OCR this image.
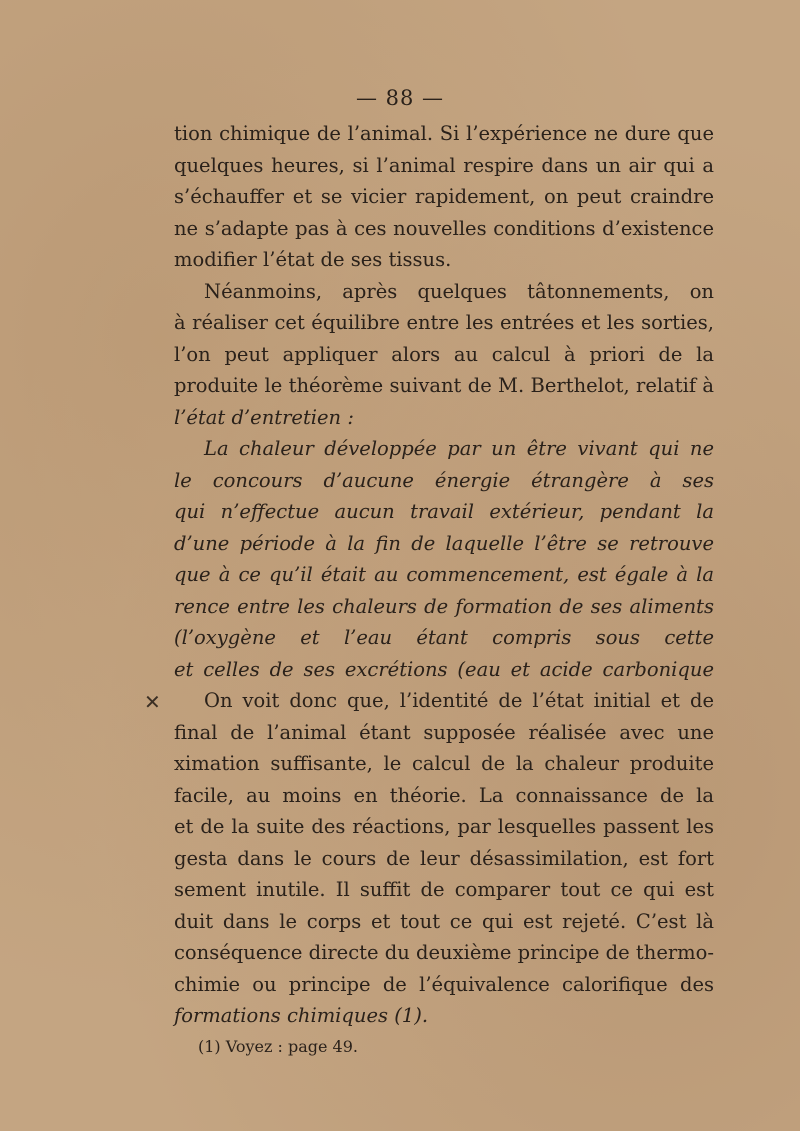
— 88 —
✕
tion chimique de l’animal. Si l’expérience ne dure que
quelques heures, si l’animal respire dans un air qui a
s’échauffer et se vicier rapidement, on peut craindre
ne s’adapte pas à ces nouvelles conditions d’existence
modifier l’état de ses tissus.
Néanmoins, après quelques tâtonnements, on
à réaliser cet équilibre entre les entrées et les sorties,
l’on peut appliquer alors au calcul à priori de la
produite le théorème suivant de M. Berthelot, relatif à
l’état d’entretien :
La chaleur développée par un être vivant qui ne
le concours d’aucune énergie étrangère à ses
qui n’effectue aucun travail extérieur, pendant la
d’une période à la fin de laquelle l’être se retrouve
que à ce qu’il était au commencement, est égale à la
rence entre les chaleurs de formation de ses aliments
(l’oxygène et l’eau étant compris sous cette
et celles de ses excrétions (eau et acide carbonique
On voit donc que, l’identité de l’état initial et de
final de l’animal étant supposée réalisée avec une
ximation suffisante, le calcul de la chaleur produite
facile, au moins en théorie. La connaissance de la
et de la suite des réactions, par lesquelles passent les
gesta dans le cours de leur désassimilation, est fort
sement inutile. Il suffit de comparer tout ce qui est
duit dans le corps et tout ce qui est rejeté. C’est là
conséquence directe du deuxième principe de thermo-
chimie ou principe de l’équivalence calorifique des
formations chimiques (1).
(1) Voyez : page 49.
